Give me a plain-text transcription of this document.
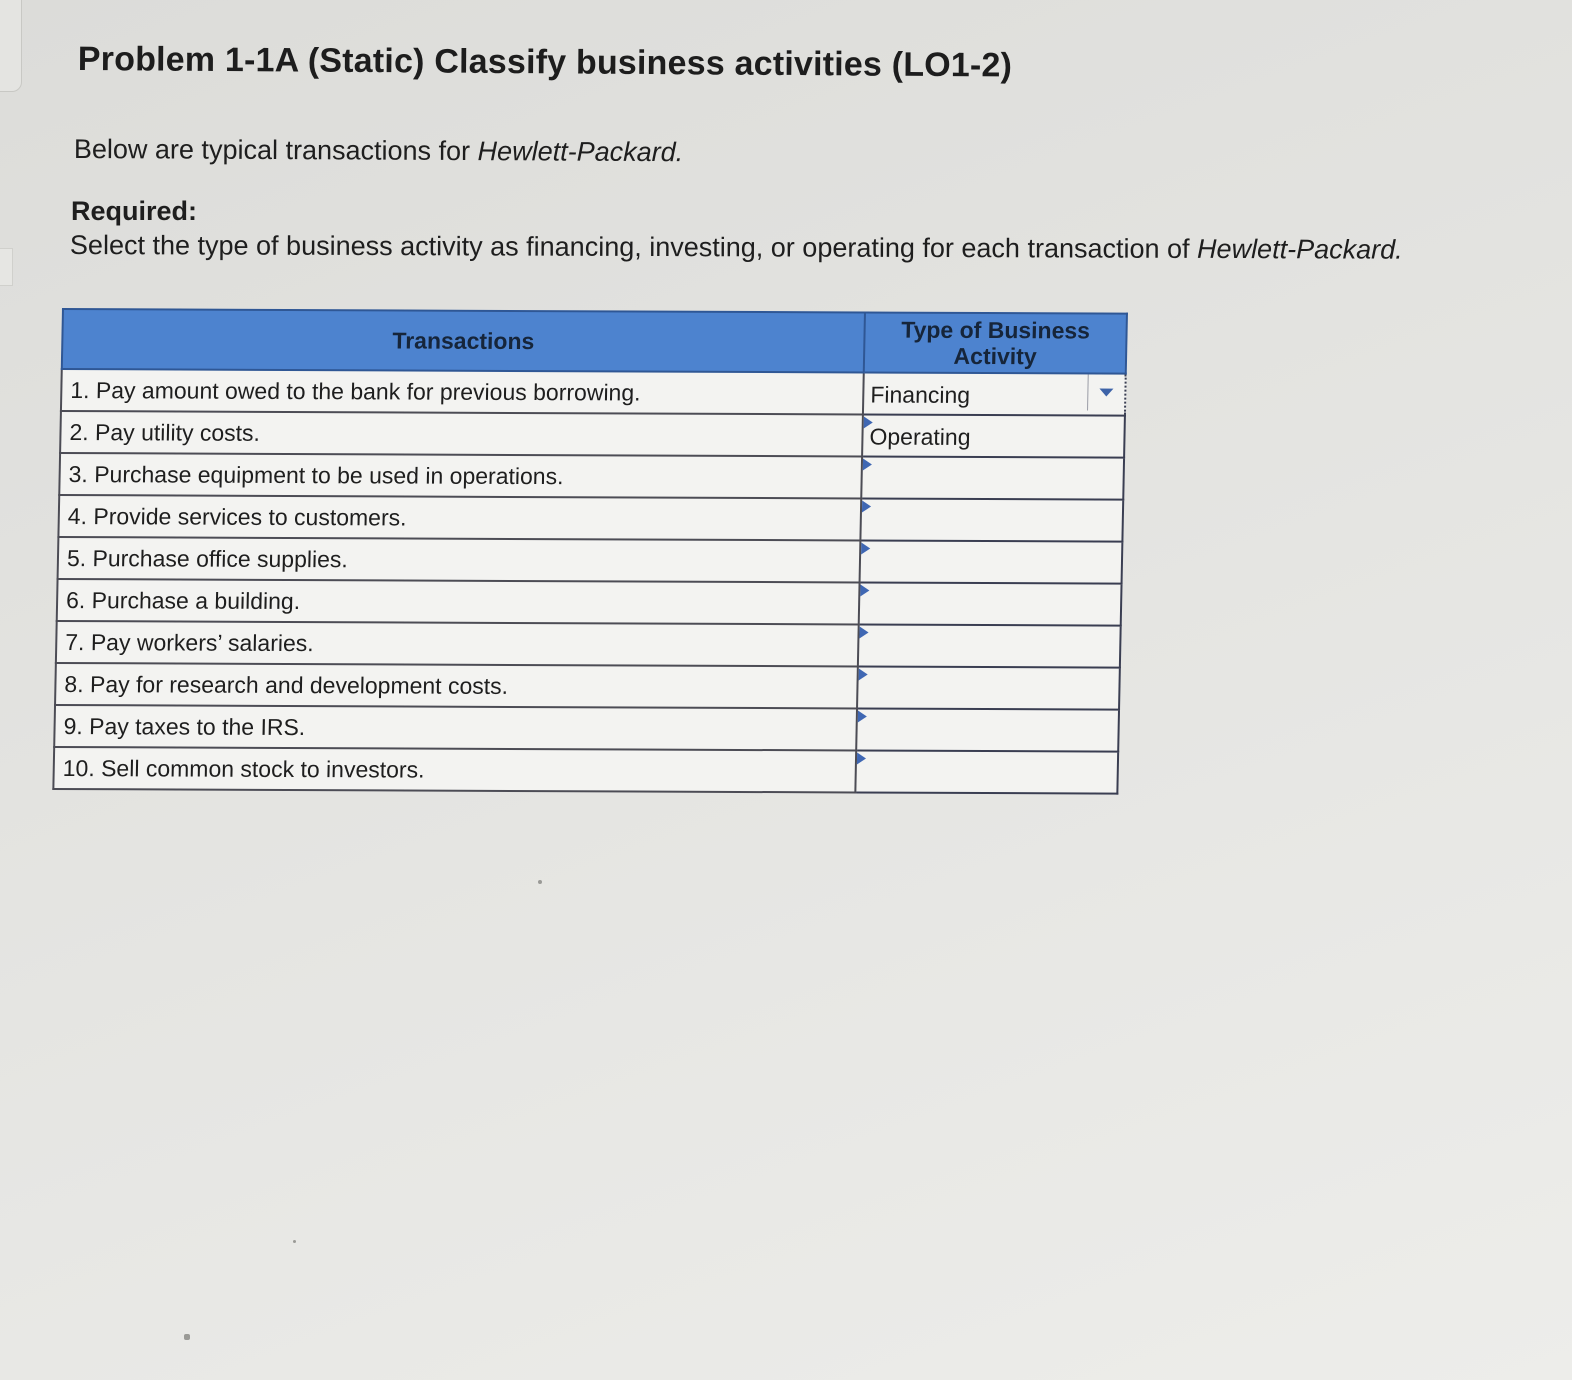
Problem 1-1A (Static) Classify business activities (LO1-2)
Below are typical transactions for Hewlett-Packard.
Required:
Select the type of business activity as financing, investing, or operating for each transaction of Hewlett-Packard.
Transactions	Type of Business
Activity
1. Pay amount owed to the bank for previous borrowing.	Financing

2. Pay utility costs.	Operating

3. Purchase equipment to be used in operations.	

4. Provide services to customers.	

5. Purchase office supplies.	

6. Purchase a building.	

7. Pay workers’ salaries.	

8. Pay for research and development costs.	

9. Pay taxes to the IRS.	

10. Sell common stock to investors.	
